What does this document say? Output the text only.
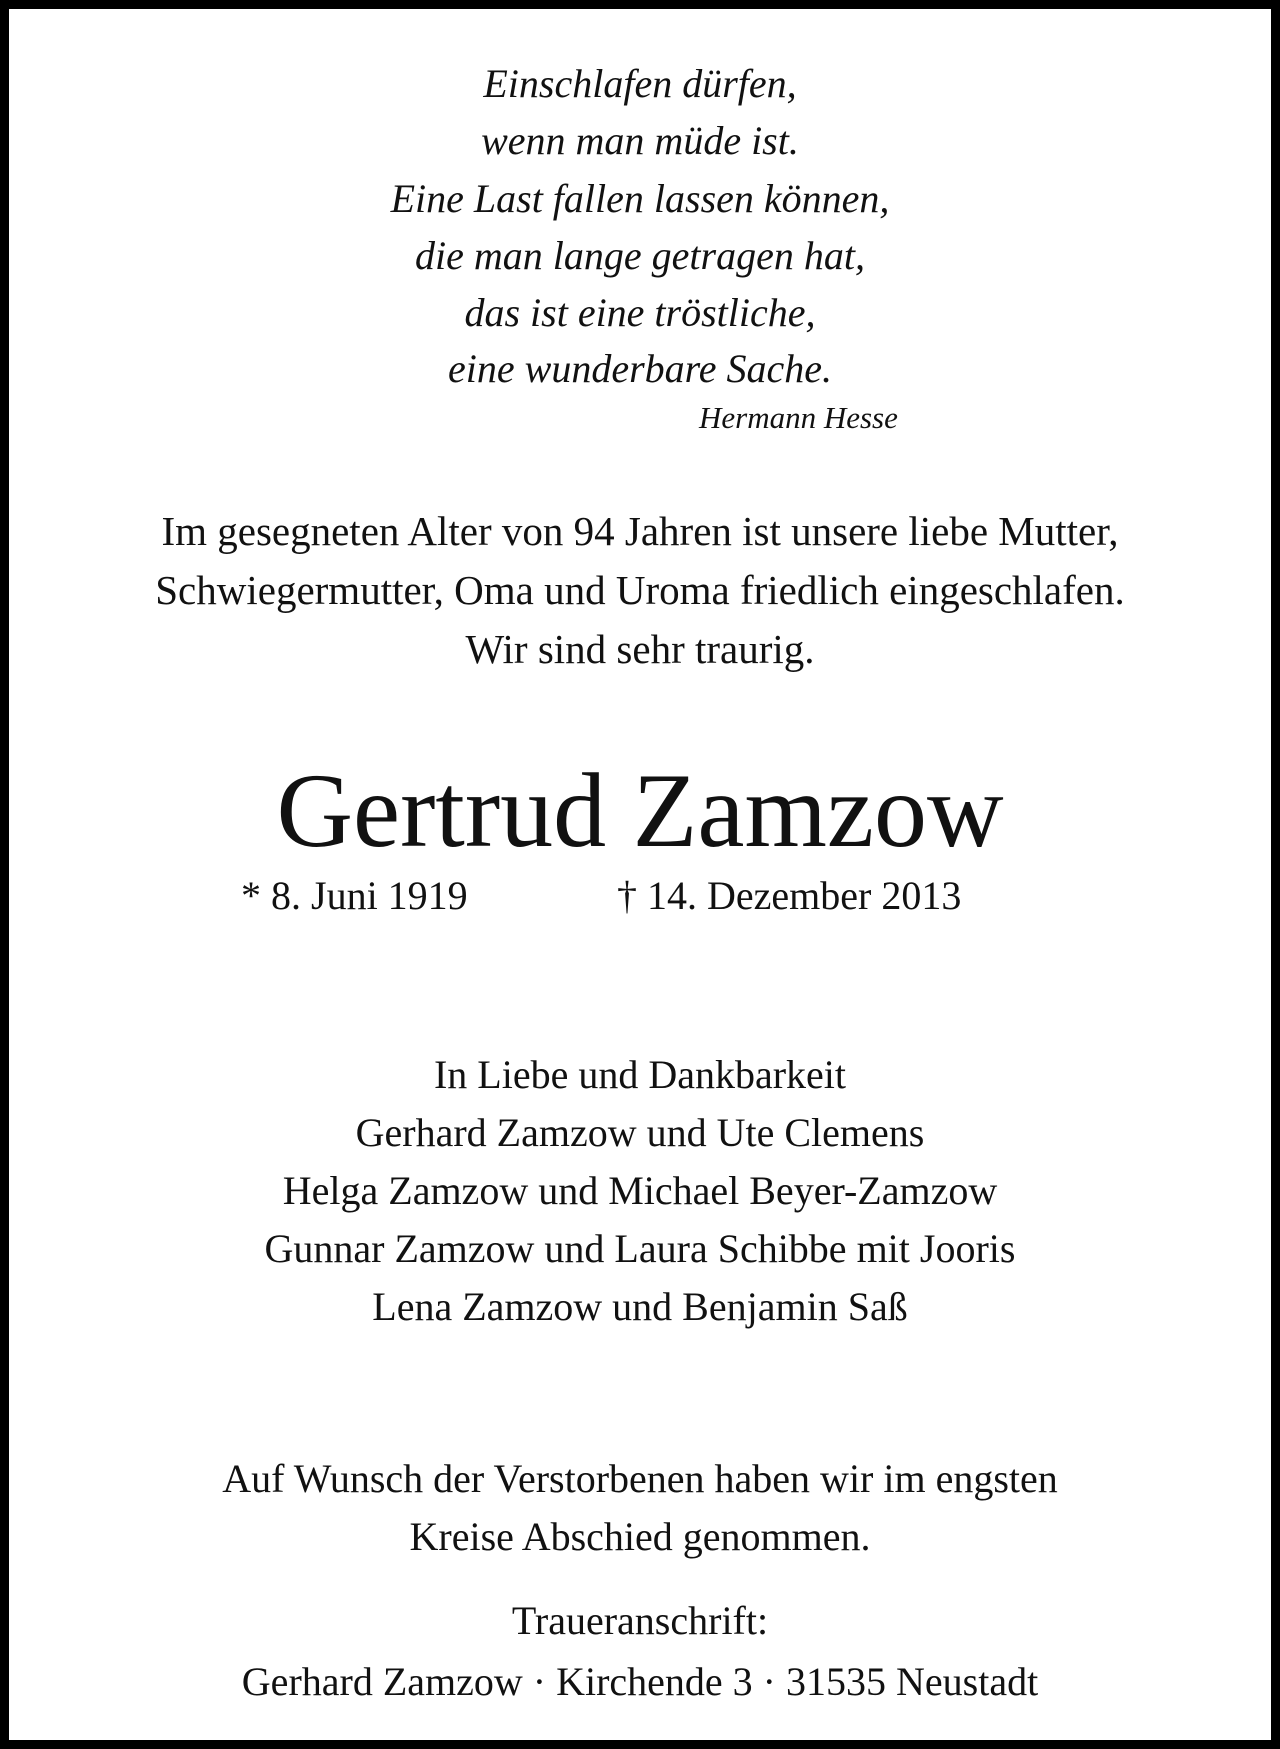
Einschlafen dürfen,
wenn man müde ist.
Eine Last fallen lassen können,
die man lange getragen hat,
das ist eine tröstliche,
eine wunderbare Sache.
Hermann Hesse
Im gesegneten Alter von 94 Jahren ist unsere liebe Mutter,
Schwiegermutter, Oma und Uroma friedlich eingeschlafen.
Wir sind sehr traurig.
Gertrud Zamzow
* 8. Juni 1919	† 14. Dezember 2013
In Liebe und Dankbarkeit
Gerhard Zamzow und Ute Clemens
Helga Zamzow und Michael Beyer-Zamzow
Gunnar Zamzow und Laura Schibbe mit Jooris
Lena Zamzow und Benjamin Saß
Auf Wunsch der Verstorbenen haben wir im engsten
Kreise Abschied genommen.
Traueranschrift:
Gerhard Zamzow · Kirchende 3 · 31535 Neustadt
